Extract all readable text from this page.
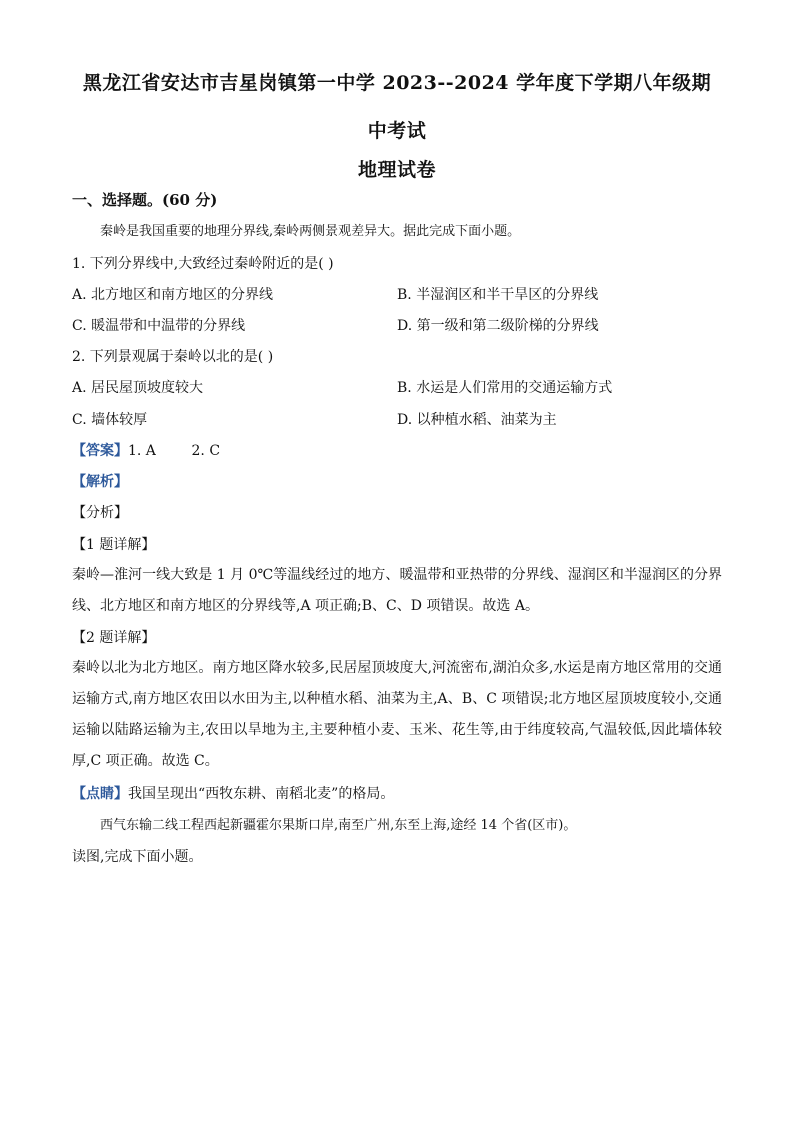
黑龙江省安达市吉星岗镇第一中学 2023--2024 学年度下学期八年级期
中考试
地理试卷
一、选择题。(60 分)
秦岭是我国重要的地理分界线,秦岭两侧景观差异大。据此完成下面小题。
1. 下列分界线中,大致经过秦岭附近的是( )
A. 北方地区和南方地区的分界线	B. 半湿润区和半干旱区的分界线
C. 暖温带和中温带的分界线	D. 第一级和第二级阶梯的分界线
2. 下列景观属于秦岭以北的是( )
A. 居民屋顶坡度较大	B. 水运是人们常用的交通运输方式
C. 墙体较厚	D. 以种植水稻、油菜为主
【答案】1. A        2. C
【解析】
【分析】
【1 题详解】
秦岭—淮河一线大致是 1 月 0℃等温线经过的地方、暖温带和亚热带的分界线、湿润区和半湿润区的分界线、北方地区和南方地区的分界线等,A 项正确;B、C、D 项错误。故选 A。
【2 题详解】
秦岭以北为北方地区。南方地区降水较多,民居屋顶坡度大,河流密布,湖泊众多,水运是南方地区常用的交通运输方式,南方地区农田以水田为主,以种植水稻、油菜为主,A、B、C 项错误;北方地区屋顶坡度较小,交通运输以陆路运输为主,农田以旱地为主,主要种植小麦、玉米、花生等,由于纬度较高,气温较低,因此墙体较厚,C 项正确。故选 C。
【点睛】我国呈现出“西牧东耕、南稻北麦”的格局。
西气东输二线工程西起新疆霍尔果斯口岸,南至广州,东至上海,途经 14 个省(区市)。
读图,完成下面小题。
